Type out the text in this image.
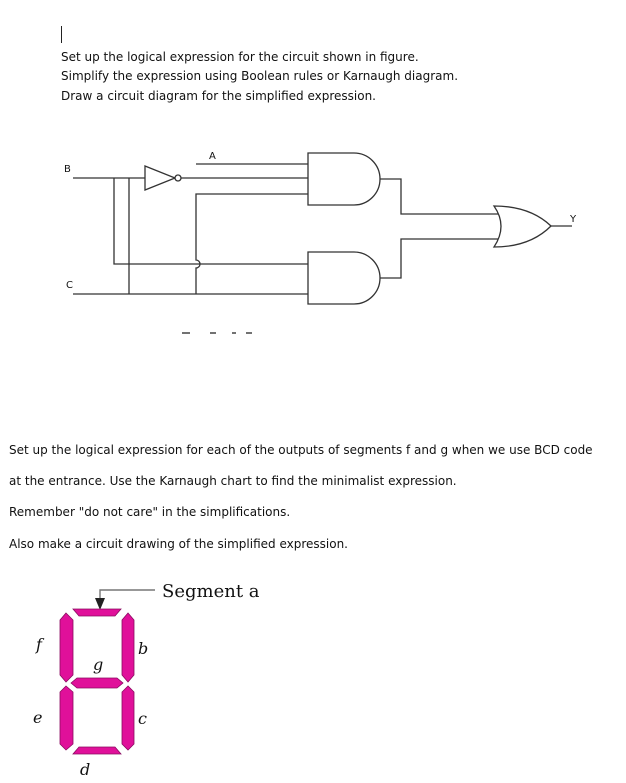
Set up the logical expression for the circuit shown in figure.
Simplify the expression using Boolean rules or Karnaugh diagram.
Draw a circuit diagram for the simplified expression.
B
C
A
Y
Set up the logical expression for each of the outputs of segments f and g when we use BCD code
at the entrance. Use the Karnaugh chart to find the minimalist expression.
Remember "do not care" in the simplifications.
Also make a circuit drawing of the simplified expression.
Segment a
f
g
b
e	c
d
